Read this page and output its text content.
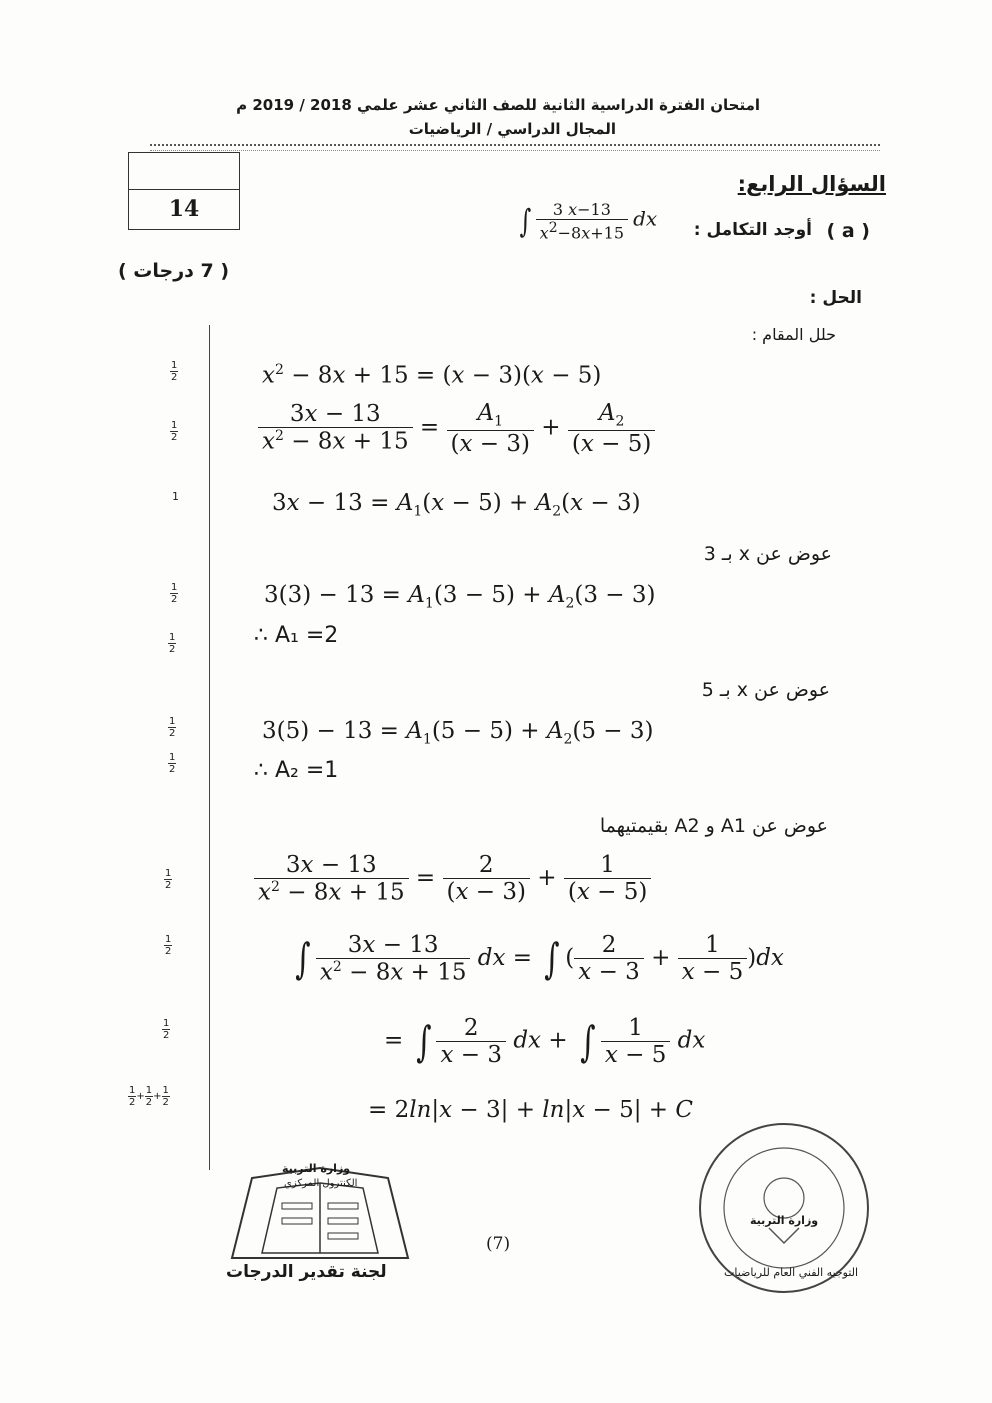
امتحان الفترة الدراسية الثانية للصف الثاني عشر علمي 2018 / 2019 م
المجال الدراسي / الرياضيات
14
السؤال الرابع:
( a )
أوجد التكامل :
∫ $\frac{3 x-13}{x^2-8x+15}$ dx
( 7 درجات )
الحل :
حلل المقام :
$x^2 - 8x + 15 = (x - 3)(x - 5)$
1
2
$\frac{3x - 13}{x^2 - 8x + 15} = \frac{A_1}{(x - 3)} + \frac{A_2}{(x - 5)}$
1
2
$3x - 13 = A_1(x - 5) + A_2(x - 3)$
1
عوض عن x بـ 3
$3(3) - 13 = A_1(3 - 5) + A_2(3 - 3)$
1
2
∴ A₁ =2
1
2
عوض عن x بـ 5
$3(5) - 13 = A_1(5 - 5) + A_2(5 - 3)$
1
2
∴ A₂ =1
1
2
عوض عن A1 و A2 بقيمتيهما
$\frac{3x - 13}{x^2 - 8x + 15} = \frac{2}{(x - 3)} + \frac{1}{(x - 5)}$
1
2
∫ $\frac{3x - 13}{x^2 - 8x + 15}$ dx = ∫ ( $\frac{2}{x - 3} + \frac{1}{x - 5} )dx$
1
2
= ∫ $\frac{2}{x - 3}$ dx + ∫ $\frac{1}{x - 5}$ dx
1
2
= 2ln|x − 3| + ln|x − 5| + C
$\frac{1}{2} + \frac{1}{2} + \frac{1}{2}$
وزارة التربية
الكنترول المركزي
لجنة تقدير الدرجات
(7)
التوجيه الفني العام للرياضيات
وزارة التربية
